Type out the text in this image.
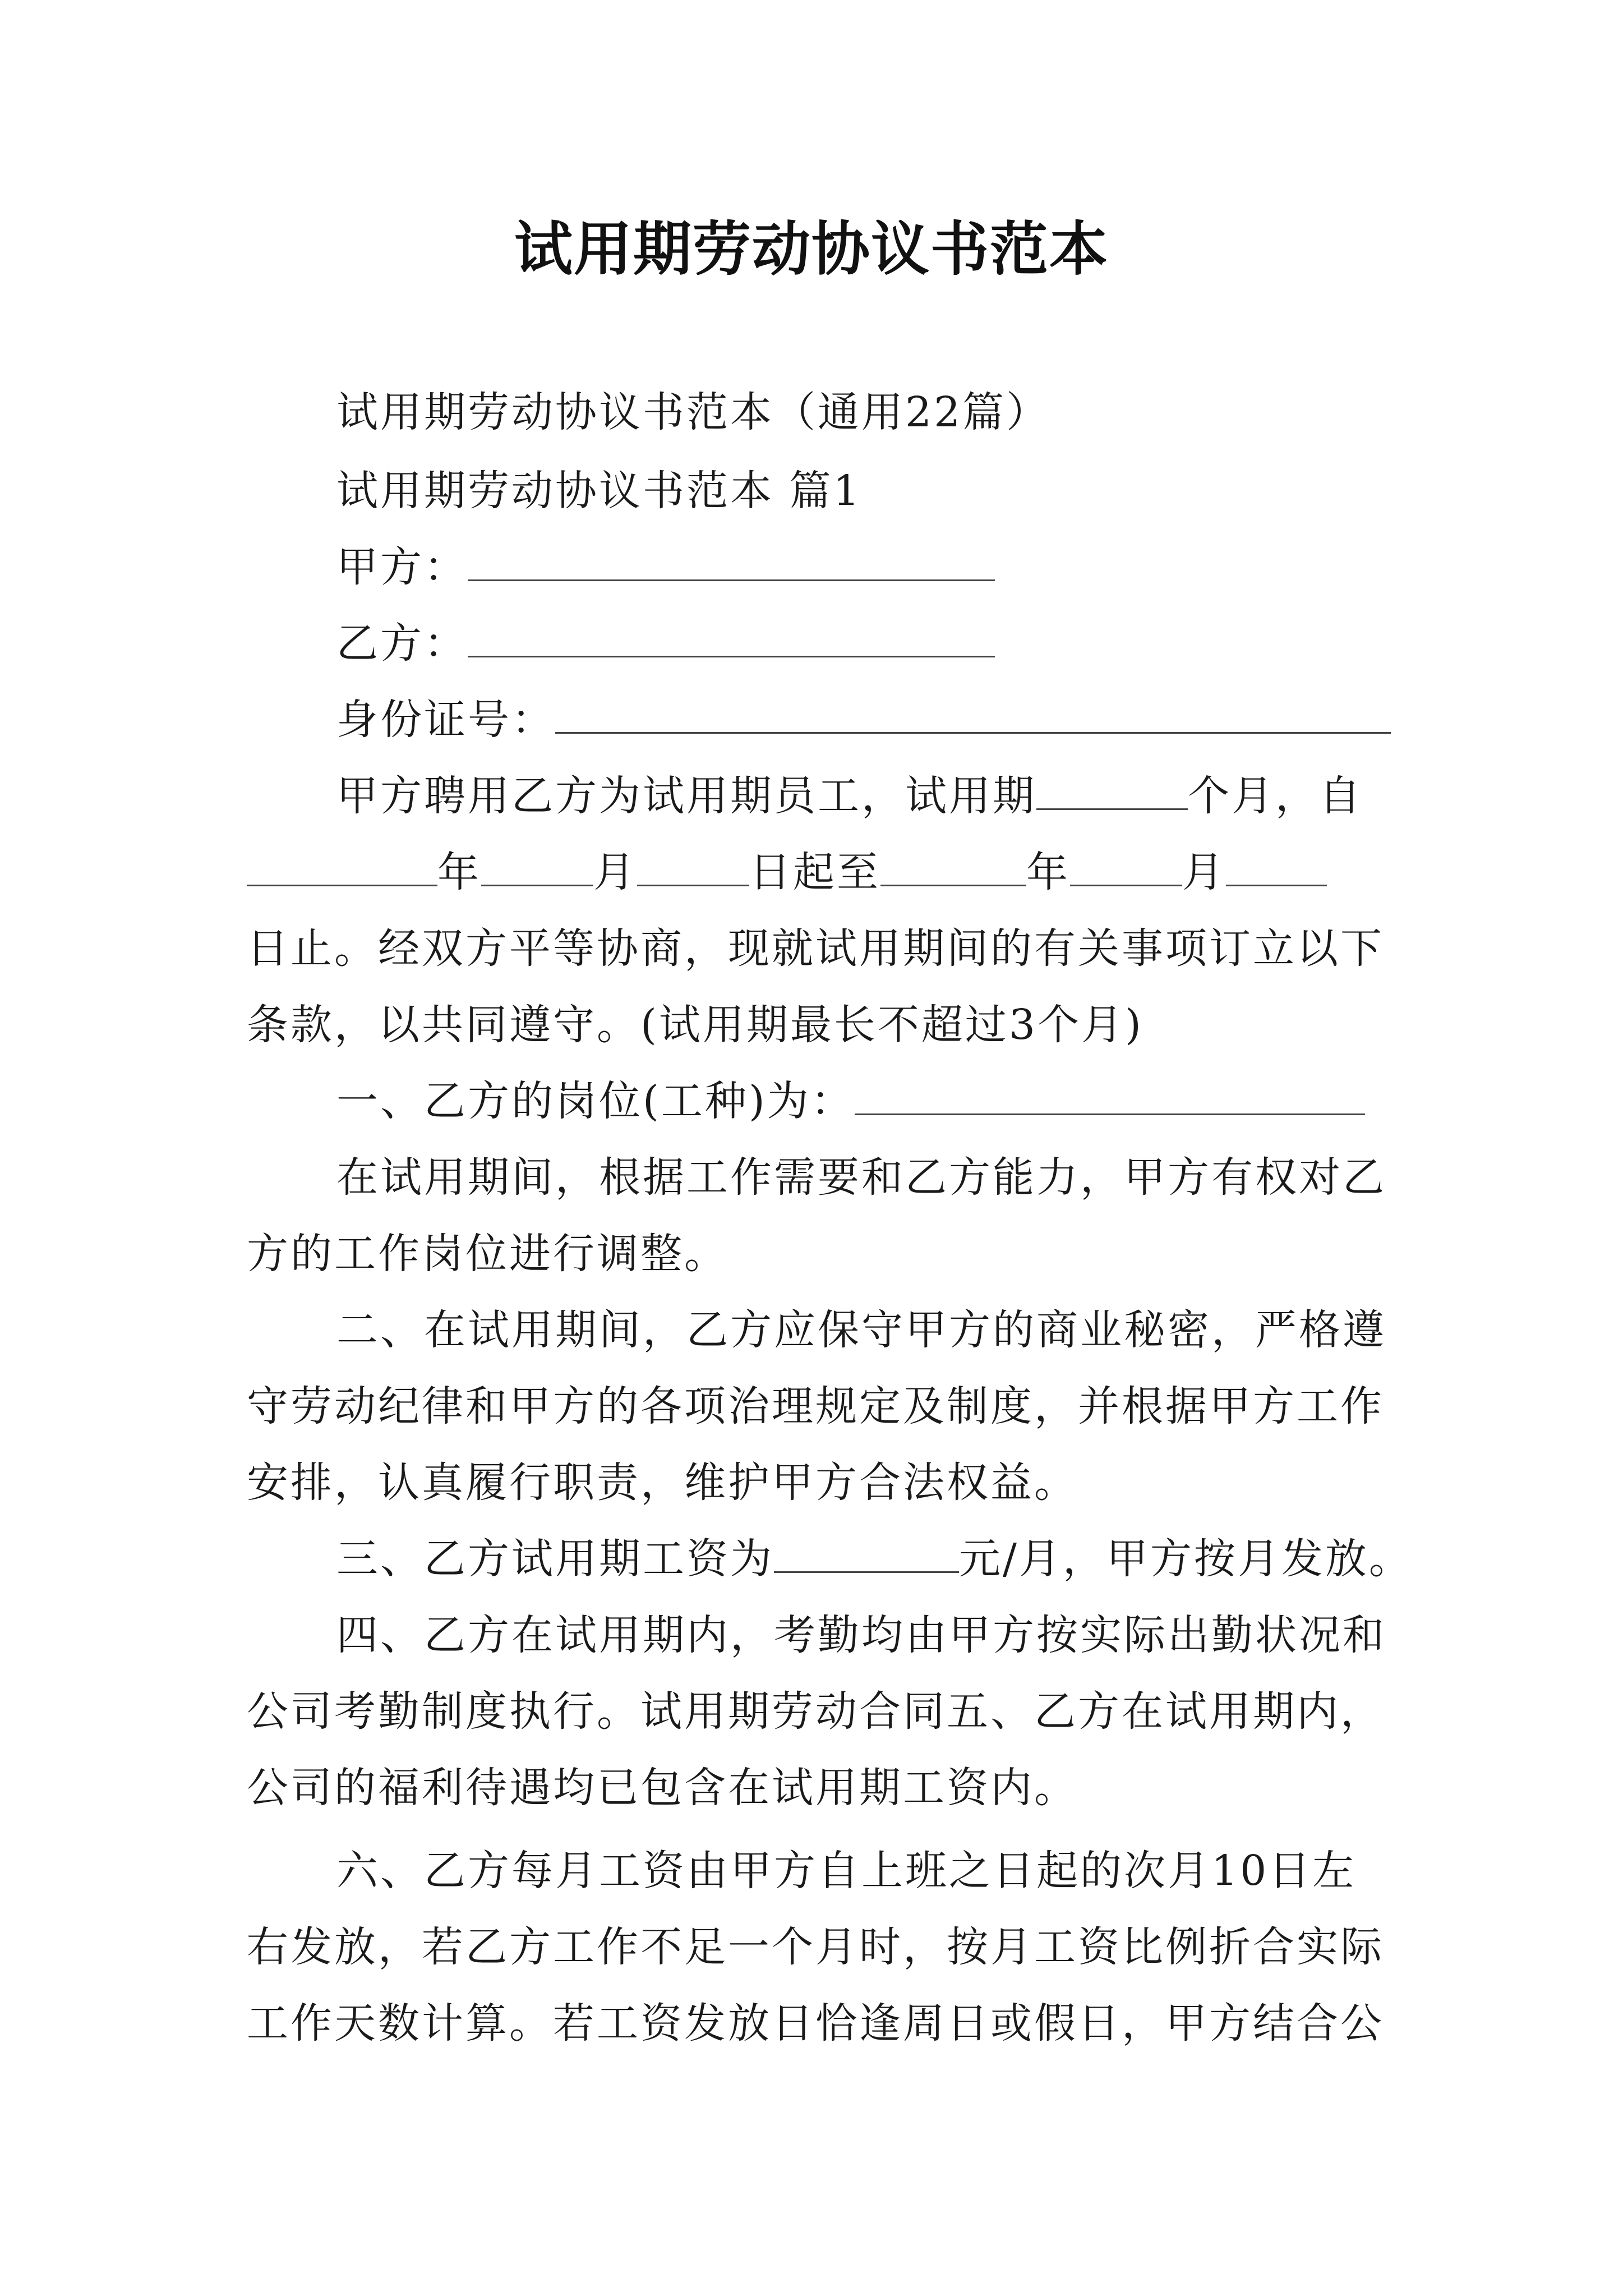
试用期劳动协议书范本
试用期劳动协议书范本（通用22篇）
试用期劳动协议书范本 篇1
甲方：
乙方：
身份证号：
甲方聘用乙方为试用期员工，试用期	个月，自
年	月	日起至	年	月
日止。经双方平等协商，现就试用期间的有关事项订立以下
条款，以共同遵守。(试用期最长不超过3个月)
一、乙方的岗位(工种)为：
在试用期间，根据工作需要和乙方能力，甲方有权对乙
方的工作岗位进行调整。
二、在试用期间，乙方应保守甲方的商业秘密，严格遵
守劳动纪律和甲方的各项治理规定及制度，并根据甲方工作
安排，认真履行职责，维护甲方合法权益。
三、乙方试用期工资为	元/月，甲方按月发放。
四、乙方在试用期内，考勤均由甲方按实际出勤状况和
公司考勤制度执行。试用期劳动合同五、乙方在试用期内，
公司的福利待遇均已包含在试用期工资内。
六、乙方每月工资由甲方自上班之日起的次月10日左
右发放，若乙方工作不足一个月时，按月工资比例折合实际
工作天数计算。若工资发放日恰逢周日或假日，甲方结合公
